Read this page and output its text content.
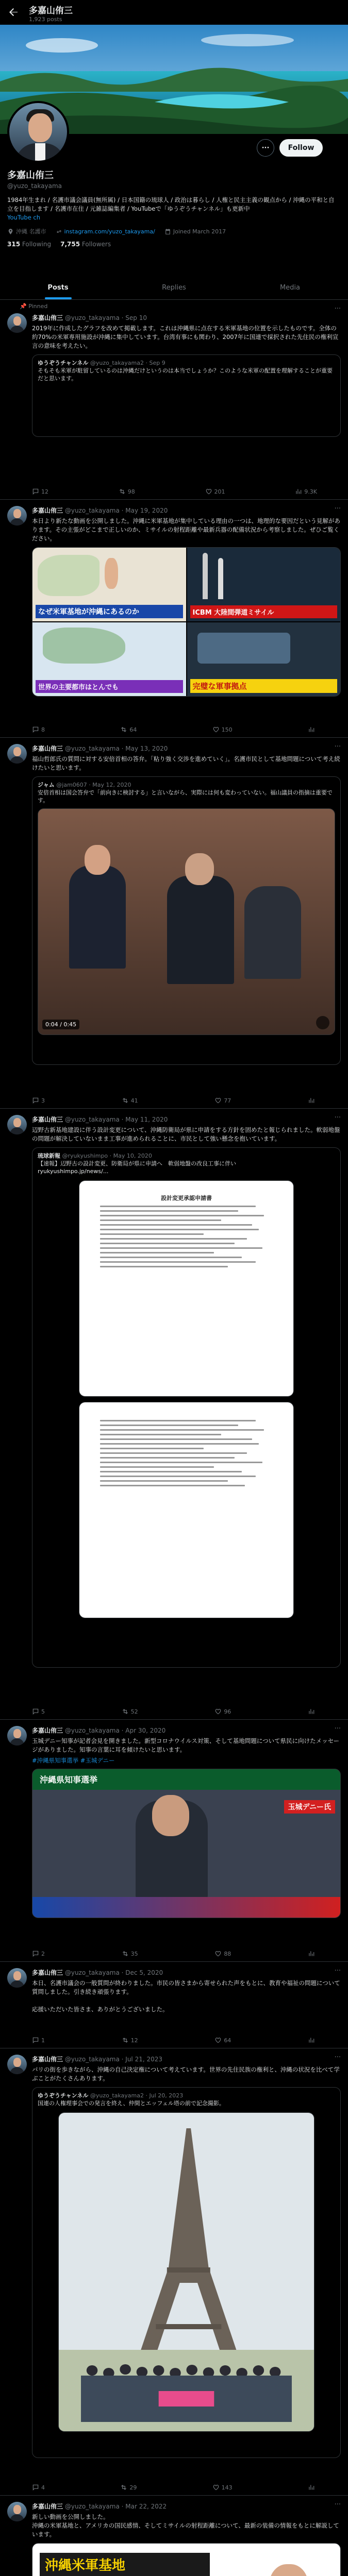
多嘉山侑三
1,923 posts
···	Follow
多嘉山侑三
@yuzo_takayama
1984年生まれ / 名護市議会議員(無所属) / 日本国籍の琉球人 / 政治は暮らし / 人権と民主主義の観点から / 沖縄の平和と自立を目指します / 名護市在住 / 元雑誌編集者 / YouTubeで「ゆうぞうチャンネル」も更新中
YouTube ch
沖縄 名護市	instagram.com/yuzo_takayama/	Joined March 2017
315 Following 7,755 Followers
Posts	Replies	Media
📌 Pinned	···
多嘉山侑三 @yuzo_takayama · Sep 10
2019年に作成したグラフを改めて掲載します。これは沖縄県に点在する米軍基地の位置を示したものです。全体の約70%の米軍専用施設が沖縄に集中しています。台湾有事にも関わり、2007年に国連で採択された先住民の権利宣言の意味を考えたい。
ゆうぞうチャンネル @yuzo_takayama2 · Sep 9
そもそも米軍が駐留しているのは沖縄だけというのは本当でしょうか？このような米軍の配置を理解することが重要だと思います。
12	98	201	9.3K
···
多嘉山侑三 @yuzo_takayama · May 19, 2020
本日より新たな動画を公開しました。沖縄に米軍基地が集中している理由の一つは、地理的な要因だという見解があります。その主張がどこまで正しいのか、ミサイルの射程距離や最新兵器の配備状況から考察しました。ぜひご覧ください。
なぜ米軍基地が沖縄にあるのか	ICBM 大陸間弾道ミサイル
世界の主要都市はとんでも	完璧な軍事拠点
8	64	150
···
多嘉山侑三 @yuzo_takayama · May 13, 2020
福山哲郎氏の質問に対する安倍首相の答弁。「粘り強く交渉を進めていく」。名護市民として基地問題について考え続けたいと思います。
ジャム @jam0607 · May 12, 2020
安倍首相は国会答弁で「前向きに検討する」と言いながら、実際には何も変わっていない。福山議員の指摘は重要です。
0:04 / 0:45
3	41	77
···
多嘉山侑三 @yuzo_takayama · May 11, 2020
辺野古新基地建設に伴う設計変更について、沖縄防衛局が県に申請をする方針を固めたと報じられました。軟弱地盤の問題が解決していないまま工事が進められることに、市民として強い懸念を抱いています。
琉球新報 @ryukyushimpo · May 10, 2020
【速報】辺野古の設計変更、防衛局が県に申請へ　軟弱地盤の改良工事に伴い
ryukyushimpo.jp/news/...
設計変更承認申請書
5	52	96
···
多嘉山侑三 @yuzo_takayama · Apr 30, 2020
玉城デニー知事が記者会見を開きました。新型コロナウイルス対策、そして基地問題について県民に向けたメッセージがありました。知事の言葉に耳を傾けたいと思います。
#沖縄県知事選挙 #玉城デニー
沖縄県知事選挙
玉城デニー氏
2	35	88
···
多嘉山侑三 @yuzo_takayama · Dec 5, 2020
本日、名護市議会の一般質問が終わりました。市民の皆さまから寄せられた声をもとに、教育や福祉の問題について質問しました。引き続き頑張ります。

応援いただいた皆さま、ありがとうございました。
1	12	64
···
多嘉山侑三 @yuzo_takayama · Jul 21, 2023
パリの街を歩きながら、沖縄の自己決定権について考えています。世界の先住民族の権利と、沖縄の状況を比べて学ぶことがたくさんあります。
ゆうぞうチャンネル @yuzo_takayama2 · Jul 20, 2023
国連の人権理事会での発言を終え、仲間とエッフェル塔の前で記念撮影。
4	29	143
···
多嘉山侑三 @yuzo_takayama · Mar 22, 2022
新しい動画を公開しました。
沖縄の米軍基地と、アメリカの国民感情、そしてミサイルの射程距離について、最新の装備の情報をもとに解説しています。
沖縄米軍基地
